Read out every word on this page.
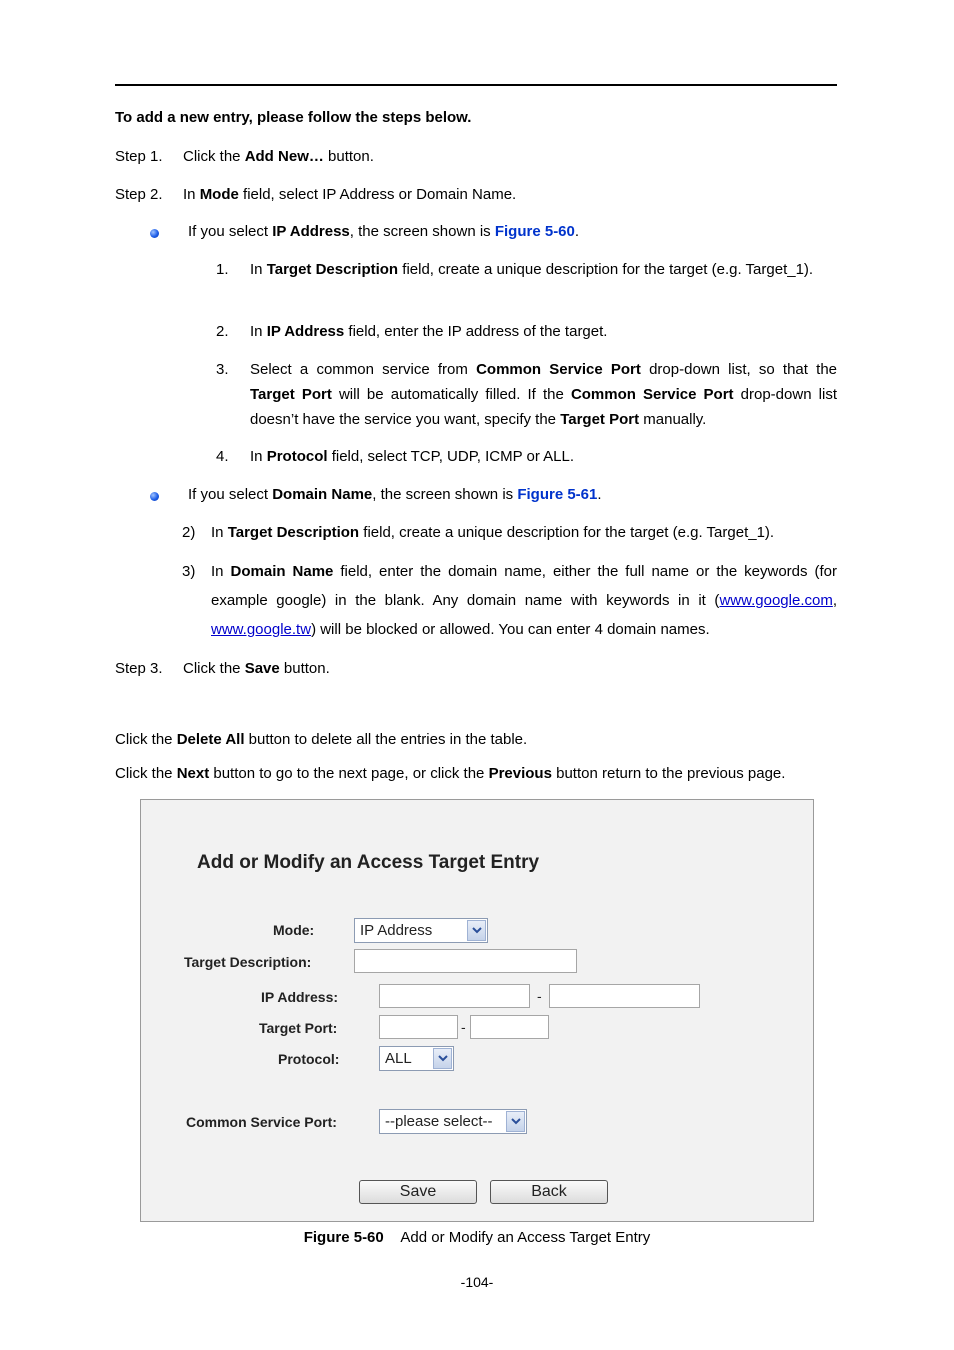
To add a new entry, please follow the steps below.
Step 1. Click the Add New… button.
Step 2. In Mode field, select IP Address or Domain Name.
If you select IP Address, the screen shown is Figure 5-60.
1. In Target Description field, create a unique description for the target (e.g. Target_1).
2. In IP Address field, enter the IP address of the target.
3. Select a common service from Common Service Port drop-down list, so that the Target Port will be automatically filled. If the Common Service Port drop-down list doesn’t have the service you want, specify the Target Port manually.
4. In Protocol field, select TCP, UDP, ICMP or ALL.
If you select Domain Name, the screen shown is Figure 5-61.
2) In Target Description field, create a unique description for the target (e.g. Target_1).
3) In Domain Name field, enter the domain name, either the full name or the keywords (for example google) in the blank. Any domain name with keywords in it (www.google.com, www.google.tw) will be blocked or allowed. You can enter 4 domain names.
Step 3. Click the Save button.
Click the Delete All button to delete all the entries in the table.
Click the Next button to go to the next page, or click the Previous button return to the previous page.
Add or Modify an Access Target Entry
Mode:	IP Address
Target Description:
IP Address:	-
Target Port:	-
Protocol:	ALL
Common Service Port:	--please select--
Save	Back
Figure 5-60 Add or Modify an Access Target Entry
-104-
